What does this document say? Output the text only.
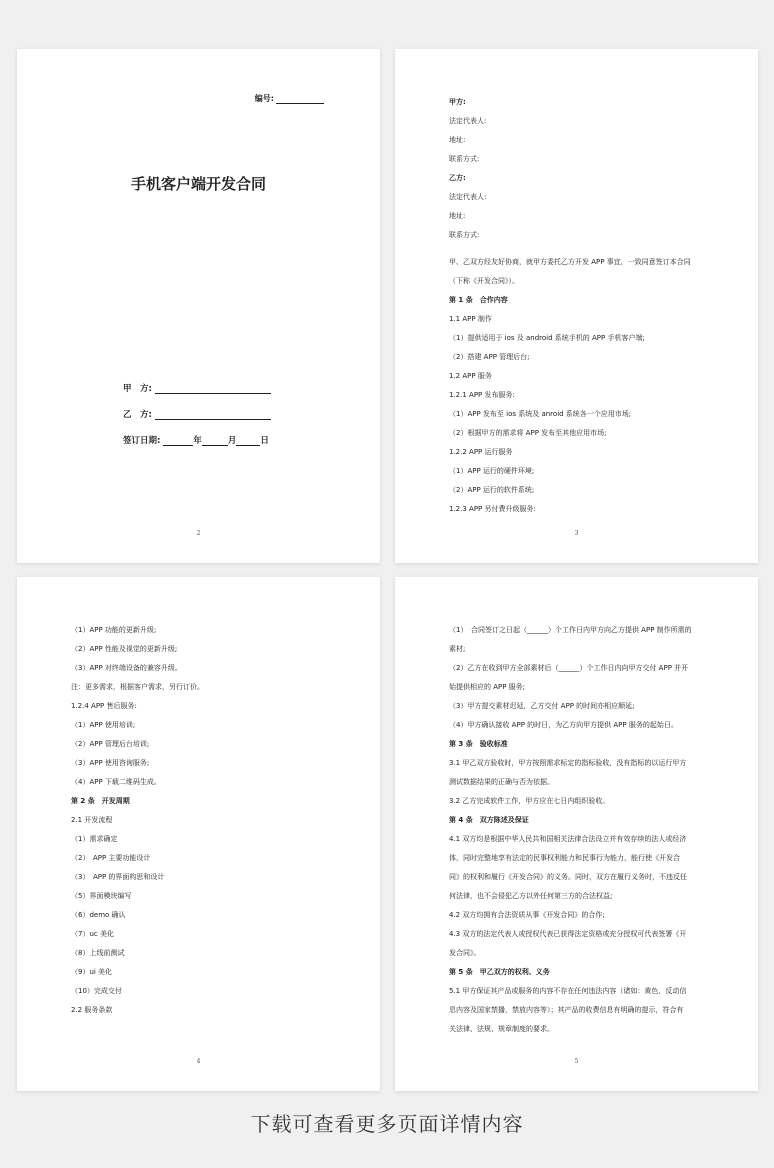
编号:
手机客户端开发合同
甲　方:
乙　方:
签订日期:	年	月	日
2
甲方:
法定代表人:
地址:
联系方式:
乙方:
法定代表人:
地址:
联系方式:
甲、乙双方经友好协商，就甲方委托乙方开发 APP 事宜，一致同意签订本合同
（下称《开发合同》）。
第 1 条　合作内容
1.1 APP 制作
（1）提供适用于 ios 及 android 系统手机的 APP 手机客户端;
（2）搭建 APP 管理后台;
1.2 APP 服务
1.2.1 APP 发布服务:
（1）APP 发布至 ios 系统及 anroid 系统各一个应用市场;
（2）根据甲方的需求将 APP 发布至其他应用市场;
1.2.2 APP 运行服务
（1）APP 运行的硬件环境;
（2）APP 运行的软件系统;
1.2.3 APP 另付费升级服务:
3
（1）APP 功能的更新升级;
（2）APP 性能及视觉的更新升级;
（3）APP 对终端设备的兼容升级。
注：更多需求，根据客户需求，另行订价。
1.2.4 APP 售后服务:
（1）APP 使用培训;
（2）APP 管理后台培训;
（3）APP 使用咨询服务;
（4）APP 下载二维码生成。
第 2 条　开发周期
2.1 开发流程
（1）需求确定
（2）　APP 主要功能设计
（3）　APP 的界面构思和设计
（5）界面模块编写
（6）demo 确认
（7）uc 美化
（8）上线前测试
（9）ui 美化
（10）完成交付
2.2 服务条款
4
（1）　合同签订之日起（______）个工作日内甲方向乙方提供 APP 制作所需的
素材;
（2）乙方在收到甲方全部素材后（______）个工作日内向甲方交付 APP 并开
始提供相应的 APP 服务;
（3）甲方提交素材迟延，乙方交付 APP 的时间亦相应顺延;
（4）甲方确认接收 APP 的时日，为乙方向甲方提供 APP 服务的起始日。
第 3 条　验收标准
3.1 甲乙双方验收时，甲方按照需求标定的指标验收，没有指标的以运行甲方
测试数据结果的正确与否为依据。
3.2 乙方完成软件工作，甲方应在七日内组织验收。
第 4 条　双方陈述及保证
4.1 双方均是根据中华人民共和国相关法律合法设立并有效存续的法人或经济
体，同时完整地享有法定的民事权利能力和民事行为能力，能行使《开发合
同》的权利和履行《开发合同》的义务。同时，双方在履行义务时，不违反任
何法律，也不会侵犯乙方以外任何第三方的合法权益;
4.2 双方均拥有合法资质从事《开发合同》的合作;
4.3 双方的法定代表人或授权代表已获得法定资格或充分授权可代表签署《开
发合同》。
第 5 条　甲乙双方的权利、义务
5.1 甲方保证其产品或服务的内容不存在任何违法内容（诸如：黄色、反动信
息内容及国家禁播，禁放内容等）；其产品的收费信息有明确的提示，符合有
关法律、法规、规章制度的要求。
5
下载可查看更多页面详情内容
